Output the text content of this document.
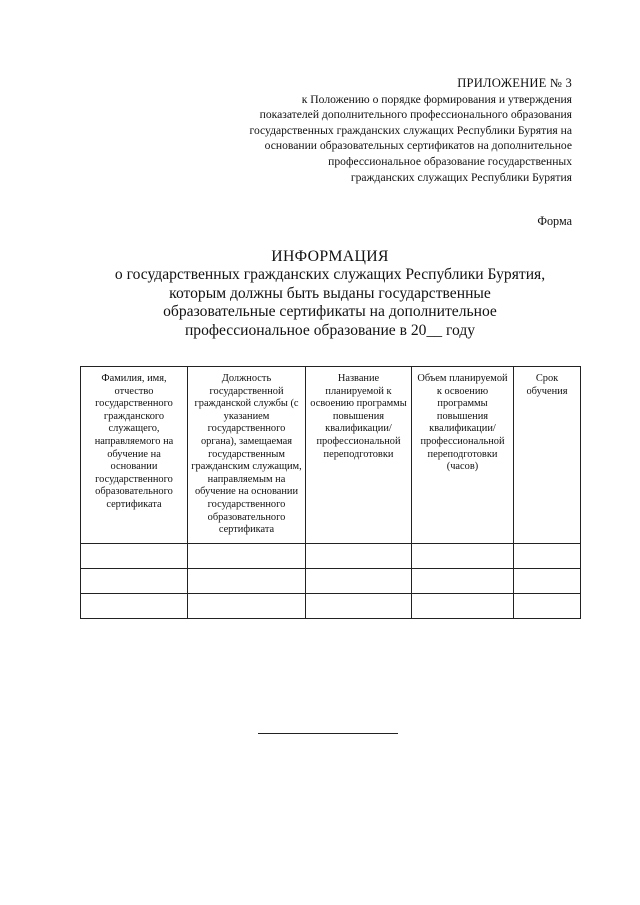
ПРИЛОЖЕНИЕ № 3
к Положению о порядке формирования и утверждения
показателей дополнительного профессионального образования
государственных гражданских служащих Республики Бурятия на
основании образовательных сертификатов на дополнительное
профессиональное образование государственных
гражданских служащих Республики Бурятия
Форма
ИНФОРМАЦИЯ
о государственных гражданских служащих Республики Бурятия,
которым должны быть выданы государственные
образовательные сертификаты на дополнительное
профессиональное образование в 20__ году
Фамилия, имя, отчество государственного гражданского служащего, направляемого на обучение на основании государственного образовательного сертификата	Должность государственной гражданской службы (с указанием государственного органа), замещаемая государственным гражданским служащим, направляемым на обучение на основании государственного образовательного сертификата	Название планируемой к освоению программы повышения квалификации/профессиональной переподготовки	Объем планируемой к освоению программы повышения квалификации/профессиональной переподготовки (часов)	Срок обучения
